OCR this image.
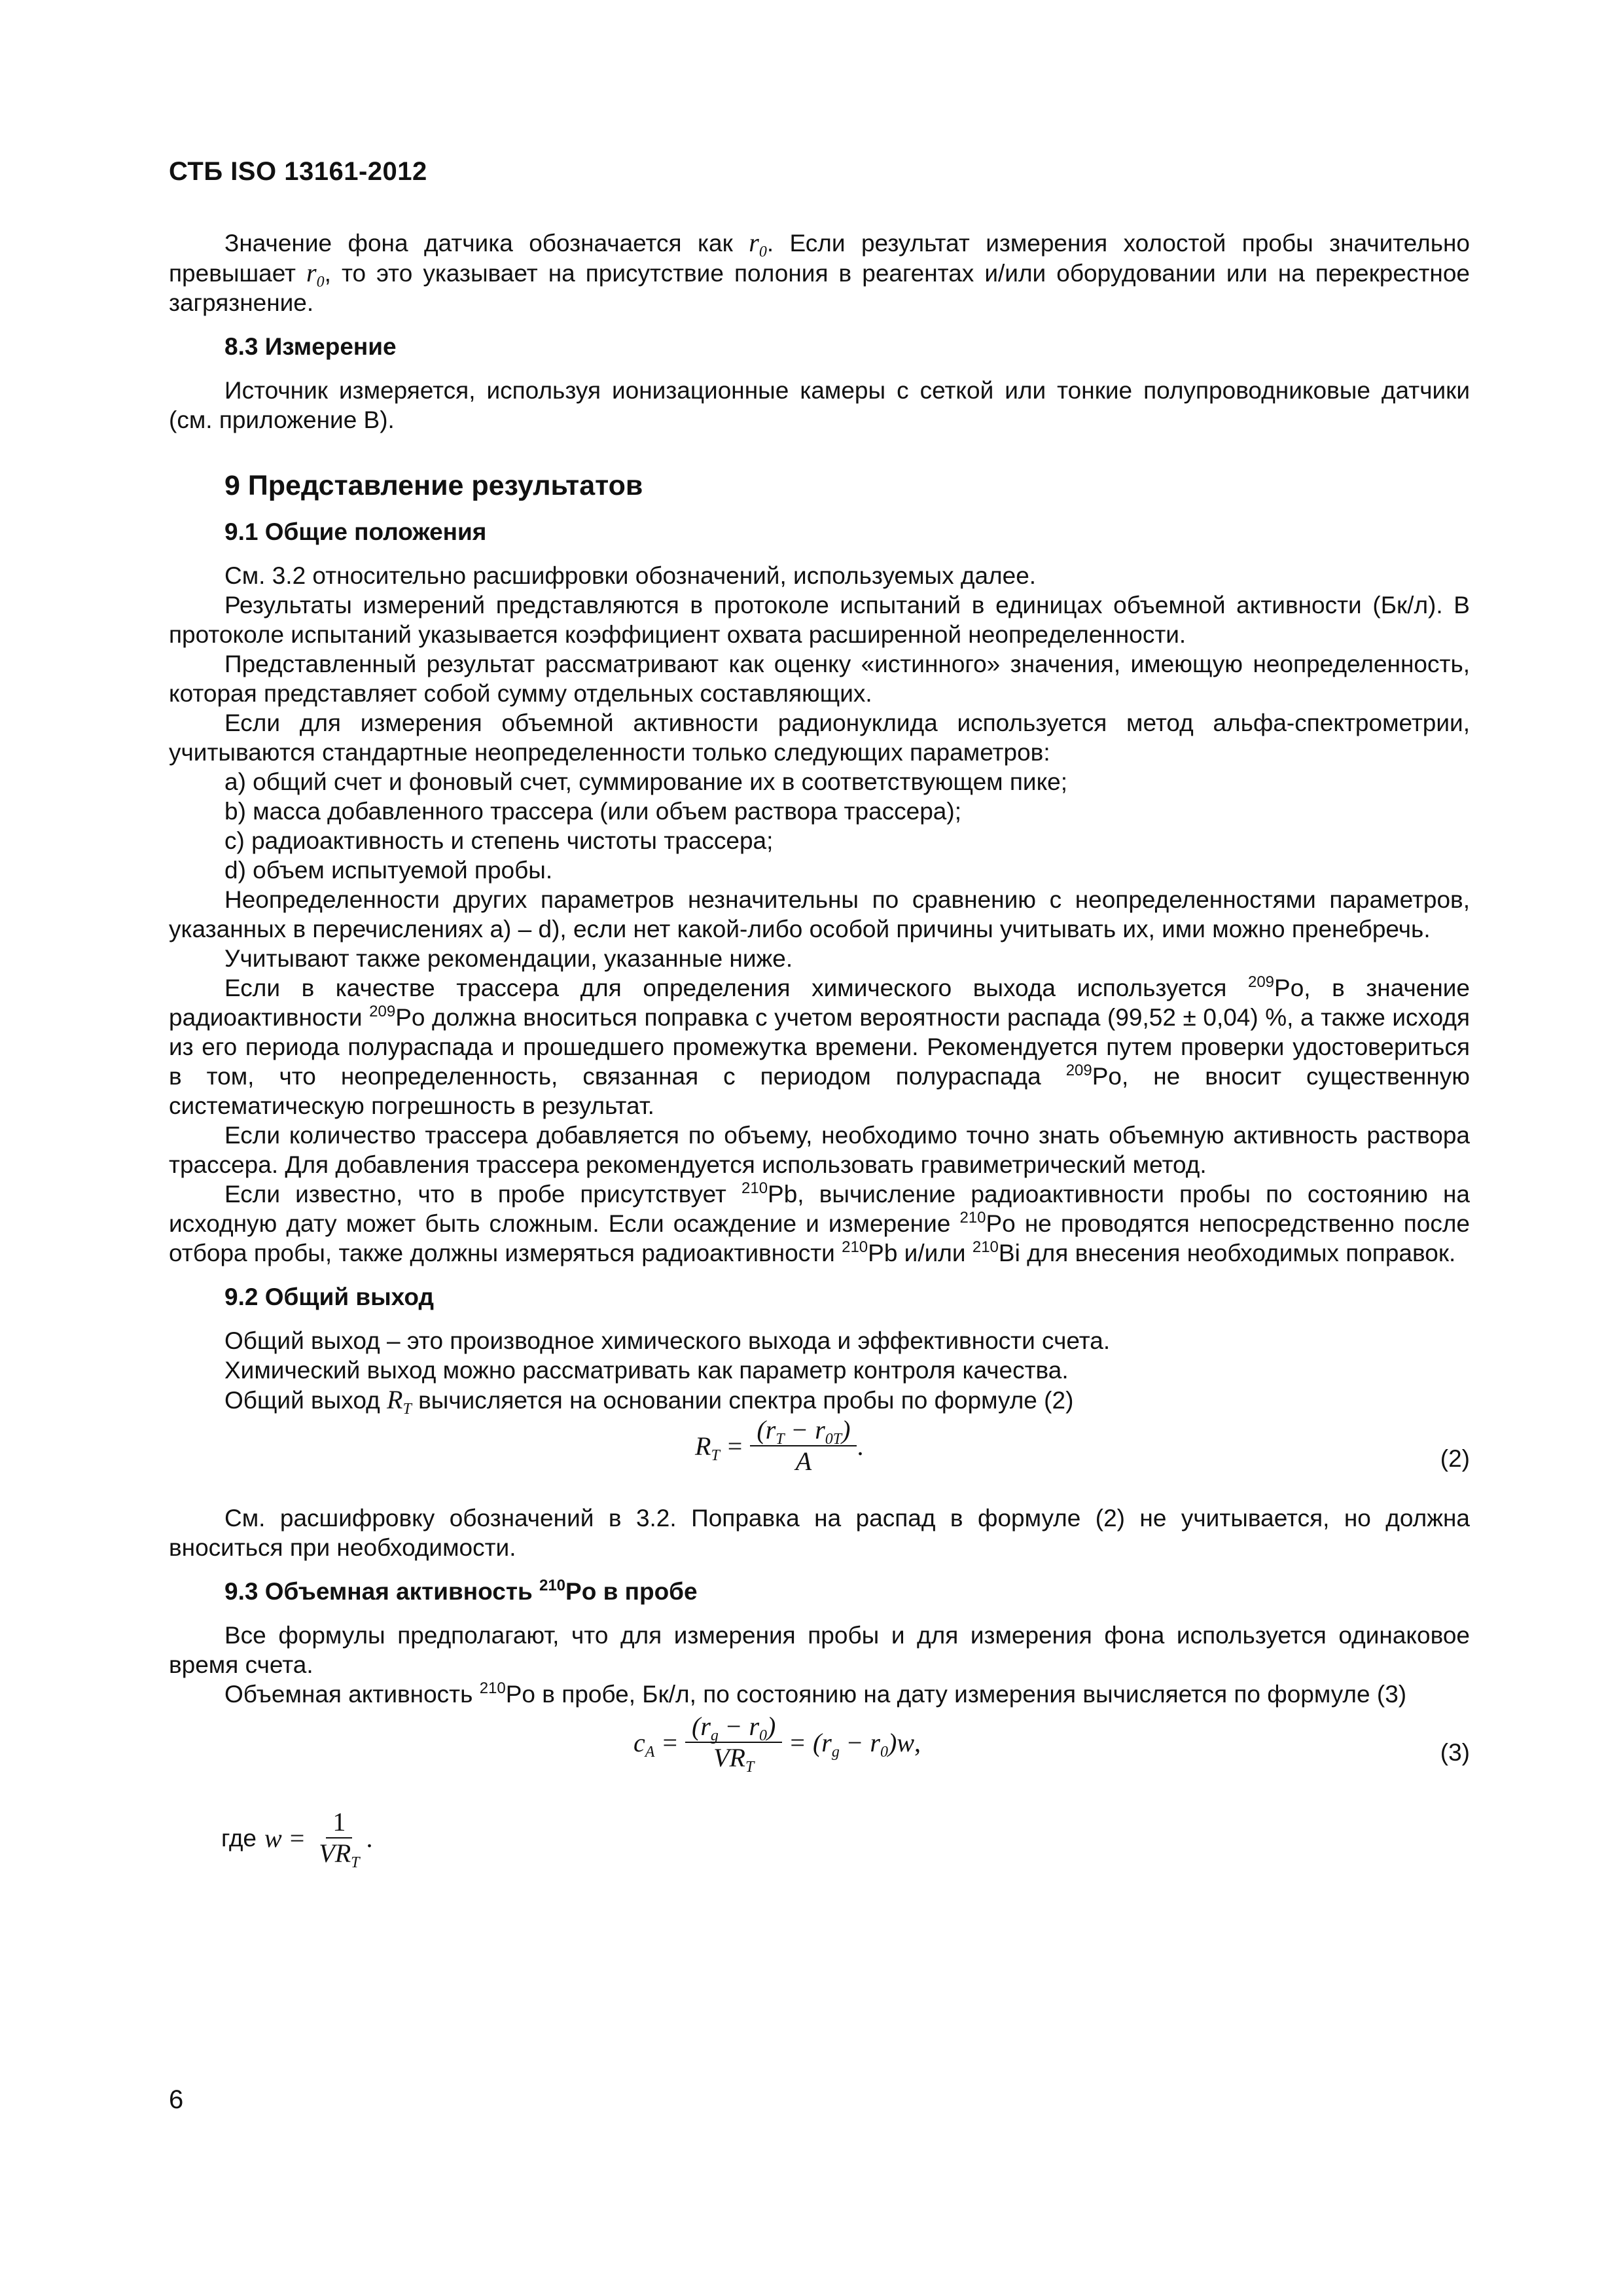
СТБ ISO 13161-2012

Значение фона датчика обозначается как $r_0$. Если результат измерения холостой пробы значительно превышает $r_0$, то это указывает на присутствие полония в реагентах и/или оборудовании или на перекрестное загрязнение.

8.3 Измерение

Источник измеряется, используя ионизационные камеры с сеткой или тонкие полупроводниковые датчики (см. приложение В).

9 Представление результатов
9.1 Общие положения

См. 3.2 относительно расшифровки обозначений, используемых далее.

Результаты измерений представляются в протоколе испытаний в единицах объемной активности (Бк/л). В протоколе испытаний указывается коэффициент охвата расширенной неопределенности.

Представленный результат рассматривают как оценку «истинного» значения, имеющую неопределенность, которая представляет собой сумму отдельных составляющих.

Если для измерения объемной активности радионуклида используется метод альфа-спектрометрии, учитываются стандартные неопределенности только следующих параметров:

a) общий счет и фоновый счет, суммирование их в соответствующем пике;

b) масса добавленного трассера (или объем раствора трассера);

c) радиоактивность и степень чистоты трассера;

d) объем испытуемой пробы.

Неопределенности других параметров незначительны по сравнению с неопределенностями параметров, указанных в перечислениях a) – d), если нет какой-либо особой причины учитывать их, ими можно пренебречь.

Учитывают также рекомендации, указанные ниже.

Если в качестве трассера для определения химического выхода используется $^{209}$Po, в значение радиоактивности $^{209}$Po должна вноситься поправка с учетом вероятности распада (99,52 ± 0,04) %, а также исходя из его периода полураспада и прошедшего промежутка времени. Рекомендуется путем проверки удостовериться в том, что неопределенность, связанная с периодом полураспада $^{209}$Po, не вносит существенную систематическую погрешность в результат.

Если количество трассера добавляется по объему, необходимо точно знать объемную активность раствора трассера. Для добавления трассера рекомендуется использовать гравиметрический метод.

Если известно, что в пробе присутствует $^{210}$Pb, вычисление радиоактивности пробы по состоянию на исходную дату может быть сложным. Если осаждение и измерение $^{210}$Po не проводятся непосредственно после отбора пробы, также должны измеряться радиоактивности $^{210}$Pb и/или $^{210}$Bi для внесения необходимых поправок.

9.2 Общий выход

Общий выход – это производное химического выхода и эффективности счета.

Химический выход можно рассматривать как параметр контроля качества.

Общий выход $R_T$ вычисляется на основании спектра пробы по формуле (2)

$R_T = \frac{(r_T - r_{0T})}{A}$ .	(2)

См. расшифровку обозначений в 3.2. Поправка на распад в формуле (2) не учитывается, но должна вноситься при необходимости.

9.3 Объемная активность $^{210}$Po в пробе

Все формулы предполагают, что для измерения пробы и для измерения фона используется одинаковое время счета.

Объемная активность $^{210}$Po в пробе, Бк/л, по состоянию на дату измерения вычисляется по формуле (3)

$c_A = \frac{(r_g - r_0)}{VR_T} = (r_g - r_0)w$ ,	(3)
где $w = \frac{1}{VR_T}$ .
6
